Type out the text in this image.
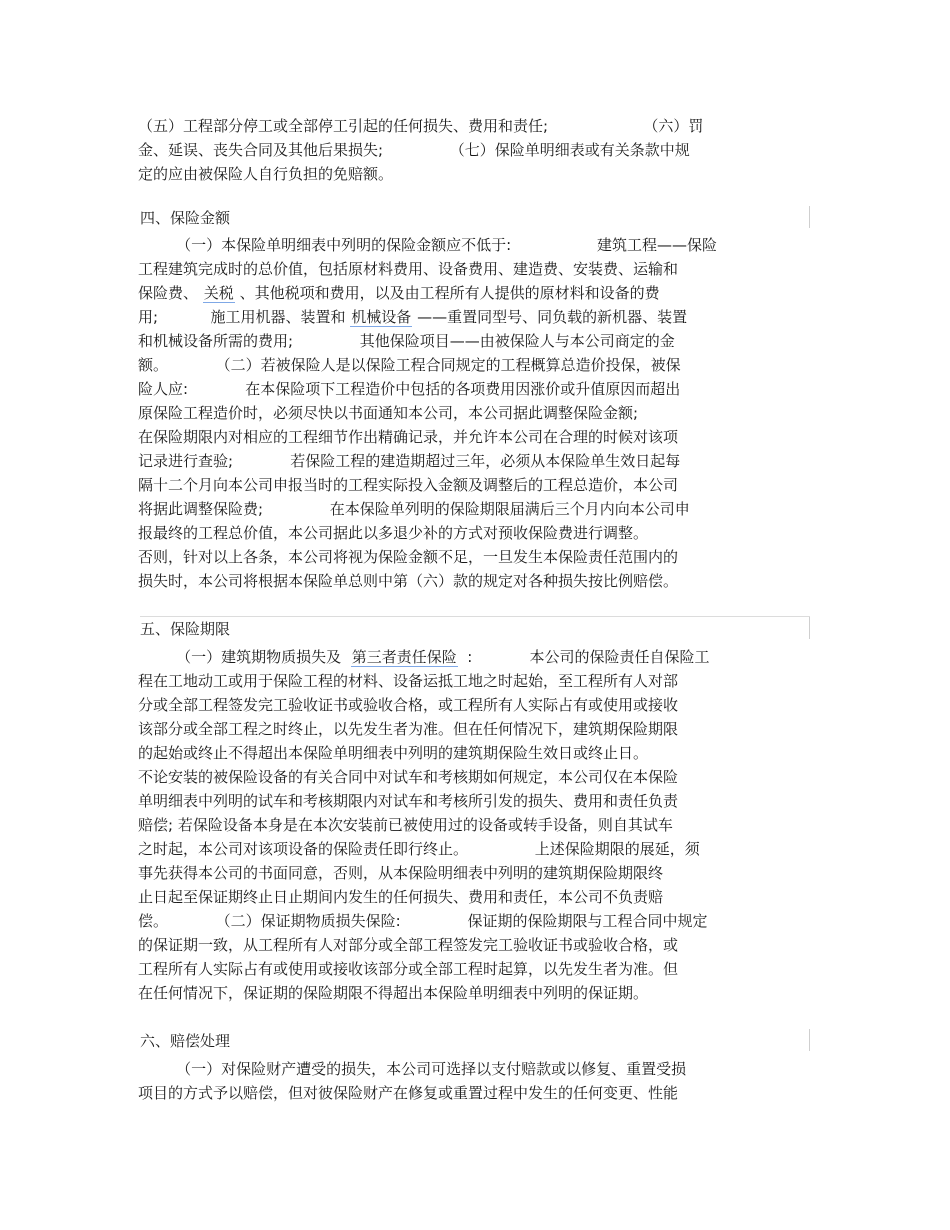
（五）工程部分停工或全部停工引起的任何损失、费用和责任;                    （六）罚

金、延误、丧失合同及其他后果损失;              （七）保险单明细表或有关条款中规

定的应由被保险人自行负担的免赔额。

四、保险金额

（一）本保险单明细表中列明的保险金额应不低于:                  建筑工程——保险

工程建筑完成时的总价值，包括原材料费用、设备费用、建造费、安装费、运输和

保险费、 关税 、其他税项和费用，以及由工程所有人提供的原材料和设备的费

用;           施工用机器、装置和 机械设备 ——重置同型号、同负载的新机器、装置

和机械设备所需的费用;              其他保险项目——由被保险人与本公司商定的金

额。          （二）若被保险人是以保险工程合同规定的工程概算总造价投保，被保

险人应:            在本保险项下工程造价中包括的各项费用因涨价或升值原因而超出

原保险工程造价时，必须尽快以书面通知本公司，本公司据此调整保险金额;

在保险期限内对相应的工程细节作出精确记录，并允许本公司在合理的时候对该项

记录进行查验;            若保险工程的建造期超过三年，必须从本保险单生效日起每

隔十二个月向本公司申报当时的工程实际投入金额及调整后的工程总造价，本公司

将据此调整保险费;              在本保险单列明的保险期限届满后三个月内向本公司申

报最终的工程总价值，本公司据此以多退少补的方式对预收保险费进行调整。

否则，针对以上各条，本公司将视为保险金额不足，一旦发生本保险责任范围内的

损失时，本公司将根据本保险单总则中第（六）款的规定对各种损失按比例赔偿。

五、保险期限

（一）建筑期物质损失及  第三者责任保险  :            本公司的保险责任自保险工

程在工地动工或用于保险工程的材料、设备运抵工地之时起始，至工程所有人对部

分或全部工程签发完工验收证书或验收合格，或工程所有人实际占有或使用或接收

该部分或全部工程之时终止，以先发生者为准。但在任何情况下，建筑期保险期限

的起始或终止不得超出本保险单明细表中列明的建筑期保险生效日或终止日。

不论安装的被保险设备的有关合同中对试车和考核期如何规定，本公司仅在本保险

单明细表中列明的试车和考核期限内对试车和考核所引发的损失、费用和责任负责

赔偿; 若保险设备本身是在本次安装前已被使用过的设备或转手设备，则自其试车

之时起，本公司对该项设备的保险责任即行终止。              上述保险期限的展延，须

事先获得本公司的书面同意，否则，从本保险明细表中列明的建筑期保险期限终

止日起至保证期终止日止期间内发生的任何损失、费用和责任，本公司不负责赔

偿。          （二）保证期物质损失保险:              保证期的保险期限与工程合同中规定

的保证期一致，从工程所有人对部分或全部工程签发完工验收证书或验收合格，或

工程所有人实际占有或使用或接收该部分或全部工程时起算，以先发生者为准。但

在任何情况下，保证期的保险期限不得超出本保险单明细表中列明的保证期。

六、赔偿处理

（一）对保险财产遭受的损失，本公司可选择以支付赔款或以修复、重置受损

项目的方式予以赔偿，但对彼保险财产在修复或重置过程中发生的任何变更、性能
